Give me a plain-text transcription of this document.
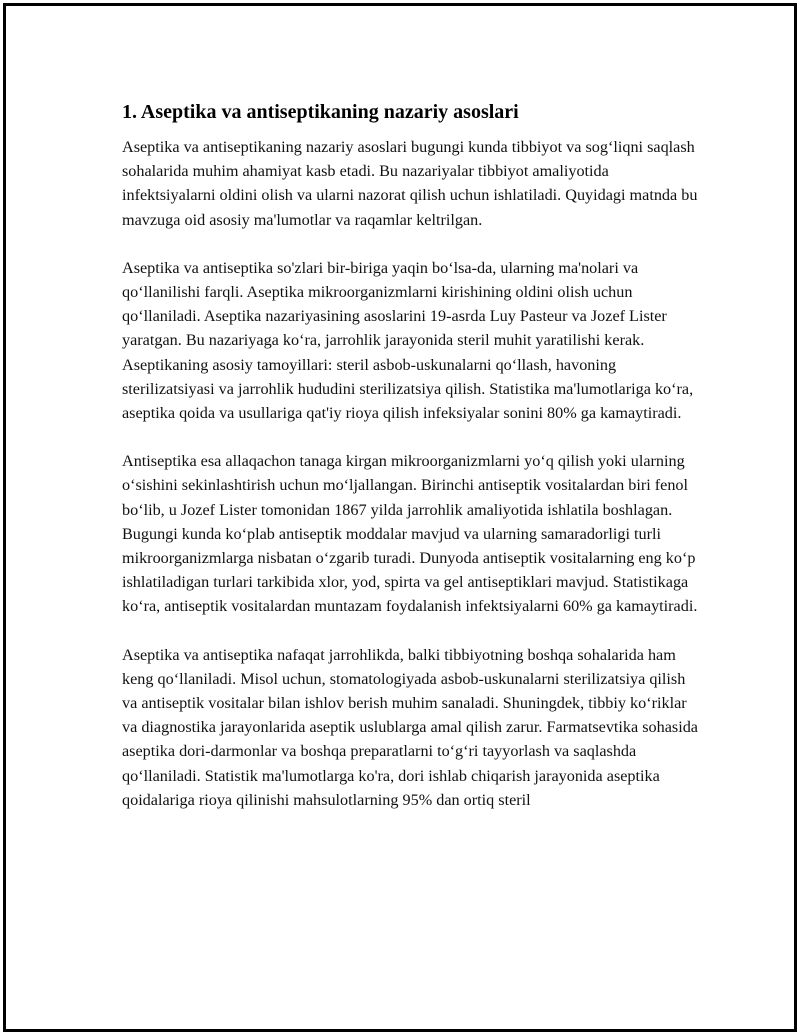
1. Aseptika va antiseptikaning nazariy asoslari

Aseptika va antiseptikaning nazariy asoslari bugungi kunda tibbiyot va sog‘liqni saqlash sohalarida muhim ahamiyat kasb etadi. Bu nazariyalar tibbiyot amaliyotida infektsiyalarni oldini olish va ularni nazorat qilish uchun ishlatiladi. Quyidagi matnda bu mavzuga oid asosiy ma'lumotlar va raqamlar keltrilgan.

Aseptika va antiseptika so'zlari bir-biriga yaqin bo‘lsa-da, ularning ma'nolari va qo‘llanilishi farqli. Aseptika mikroorganizmlarni kirishining oldini olish uchun qo‘llaniladi. Aseptika nazariyasining asoslarini 19-asrda Luy Pasteur va Jozef Lister yaratgan. Bu nazariyaga ko‘ra, jarrohlik jarayonida steril muhit yaratilishi kerak. Aseptikaning asosiy tamoyillari: steril asbob-uskunalarni qo‘llash, havoning sterilizatsiyasi va jarrohlik hududini sterilizatsiya qilish. Statistika ma'lumotlariga ko‘ra, aseptika qoida va usullariga qat'iy rioya qilish infeksiyalar sonini 80% ga kamaytiradi.

Antiseptika esa allaqachon tanaga kirgan mikroorganizmlarni yo‘q qilish yoki ularning o‘sishini sekinlashtirish uchun mo‘ljallangan. Birinchi antiseptik vositalardan biri fenol bo‘lib, u Jozef Lister tomonidan 1867 yilda jarrohlik amaliyotida ishlatila boshlagan. Bugungi kunda ko‘plab antiseptik moddalar mavjud va ularning samaradorligi turli mikroorganizmlarga nisbatan o‘zgarib turadi. Dunyoda antiseptik vositalarning eng ko‘p ishlatiladigan turlari tarkibida xlor, yod, spirta va gel antiseptiklari mavjud. Statistikaga ko‘ra, antiseptik vositalardan muntazam foydalanish infektsiyalarni 60% ga kamaytiradi.

Aseptika va antiseptika nafaqat jarrohlikda, balki tibbiyotning boshqa sohalarida ham keng qo‘llaniladi. Misol uchun, stomatologiyada asbob-uskunalarni sterilizatsiya qilish va antiseptik vositalar bilan ishlov berish muhim sanaladi. Shuningdek, tibbiy ko‘riklar va diagnostika jarayonlarida aseptik uslublarga amal qilish zarur. Farmatsevtika sohasida aseptika dori-darmonlar va boshqa preparatlarni to‘g‘ri tayyorlash va saqlashda qo‘llaniladi. Statistik ma'lumotlarga ko'ra, dori ishlab chiqarish jarayonida aseptika qoidalariga rioya qilinishi mahsulotlarning 95% dan ortiq steril
